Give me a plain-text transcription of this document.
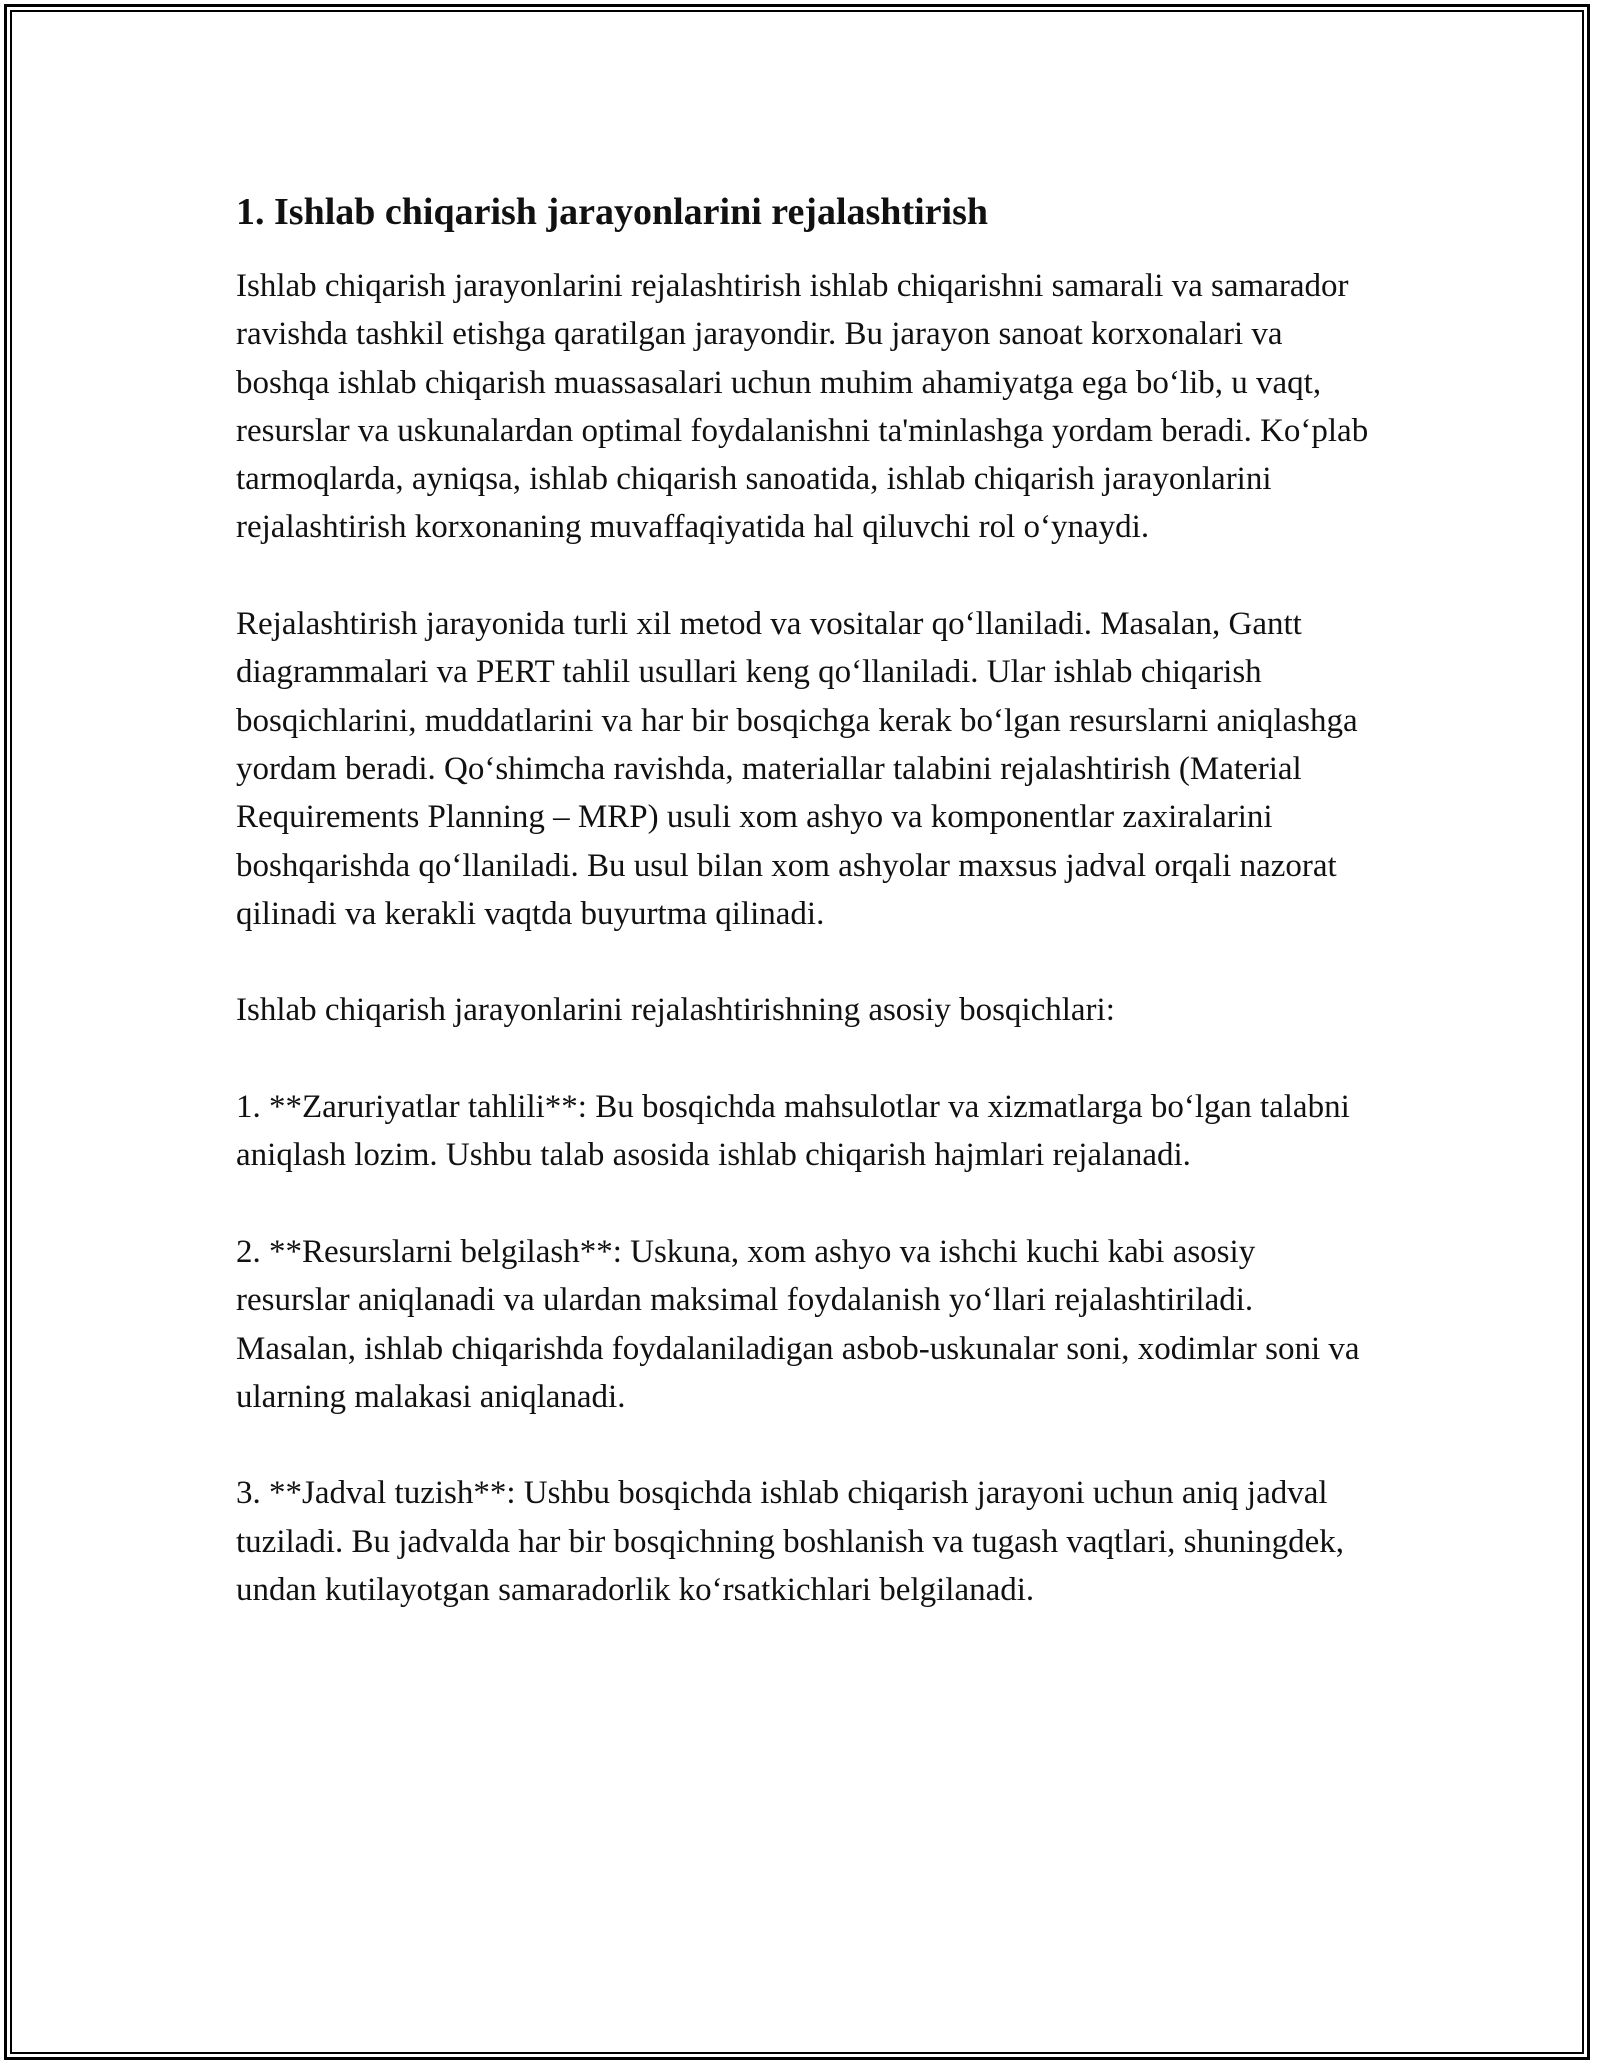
1. Ishlab chiqarish jarayonlarini rejalashtirish

Ishlab chiqarish jarayonlarini rejalashtirish ishlab chiqarishni samarali va samarador ravishda tashkil etishga qaratilgan jarayondir. Bu jarayon sanoat korxonalari va boshqa ishlab chiqarish muassasalari uchun muhim ahamiyatga ega bo‘lib, u vaqt, resurslar va uskunalardan optimal foydalanishni ta'minlashga yordam beradi. Ko‘plab tarmoqlarda, ayniqsa, ishlab chiqarish sanoatida, ishlab chiqarish jarayonlarini rejalashtirish korxonaning muvaffaqiyatida hal qiluvchi rol o‘ynaydi.

Rejalashtirish jarayonida turli xil metod va vositalar qo‘llaniladi. Masalan, Gantt diagrammalari va PERT tahlil usullari keng qo‘llaniladi. Ular ishlab chiqarish bosqichlarini, muddatlarini va har bir bosqichga kerak bo‘lgan resurslarni aniqlashga yordam beradi. Qo‘shimcha ravishda, materiallar talabini rejalashtirish (Material Requirements Planning – MRP) usuli xom ashyo va komponentlar zaxiralarini boshqarishda qo‘llaniladi. Bu usul bilan xom ashyolar maxsus jadval orqali nazorat qilinadi va kerakli vaqtda buyurtma qilinadi.

Ishlab chiqarish jarayonlarini rejalashtirishning asosiy bosqichlari:

1. **Zaruriyatlar tahlili**: Bu bosqichda mahsulotlar va xizmatlarga bo‘lgan talabni aniqlash lozim. Ushbu talab asosida ishlab chiqarish hajmlari rejalanadi.

2. **Resurslarni belgilash**: Uskuna, xom ashyo va ishchi kuchi kabi asosiy resurslar aniqlanadi va ulardan maksimal foydalanish yo‘llari rejalashtiriladi. Masalan, ishlab chiqarishda foydalaniladigan asbob-uskunalar soni, xodimlar soni va ularning malakasi aniqlanadi.

3. **Jadval tuzish**: Ushbu bosqichda ishlab chiqarish jarayoni uchun aniq jadval tuziladi. Bu jadvalda har bir bosqichning boshlanish va tugash vaqtlari, shuningdek, undan kutilayotgan samaradorlik ko‘rsatkichlari belgilanadi.
